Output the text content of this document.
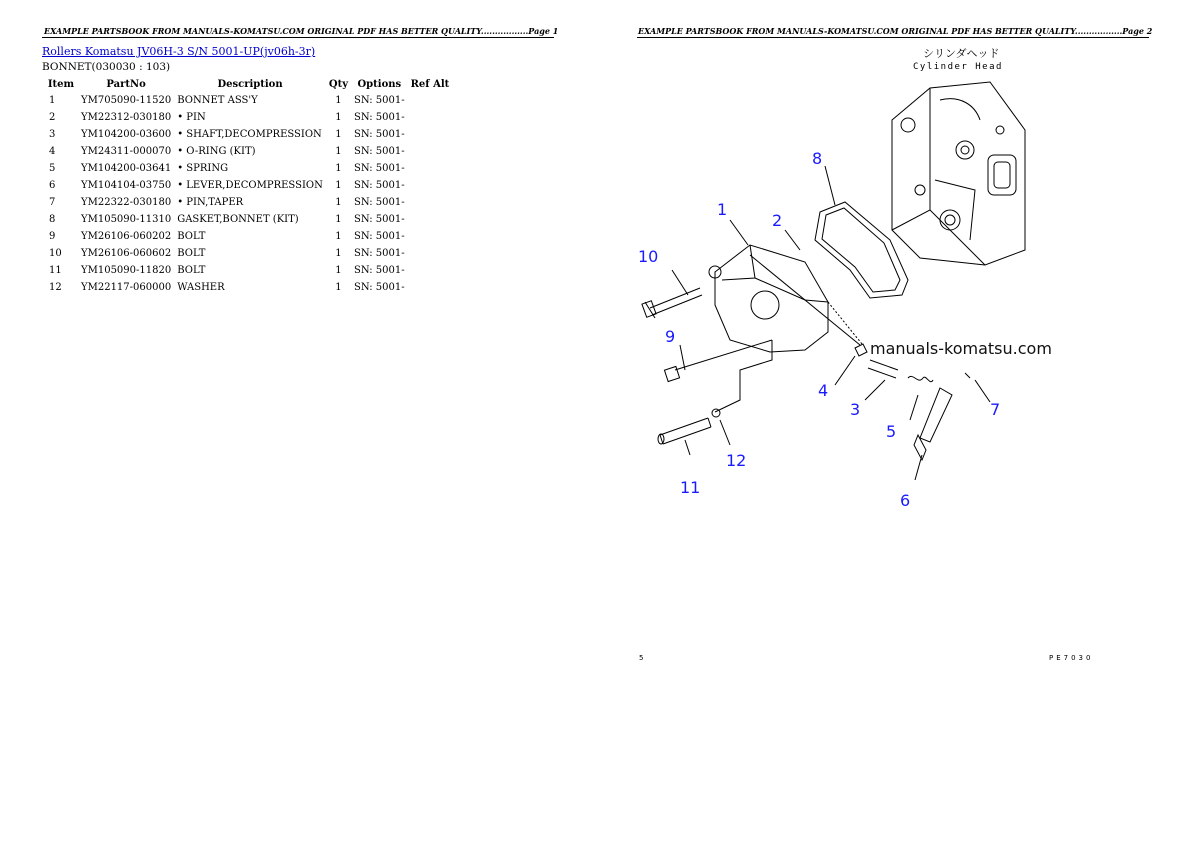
EXAMPLE PARTSBOOK FROM MANUALS-KOMATSU.COM ORIGINAL PDF HAS BETTER QUALITY.................Page 1
Rollers Komatsu JV06H-3 S/N 5001-UP(jv06h-3r)
BONNET(030030 : 103)
Item	PartNo	Description	Qty	Options	Ref Alt
1	YM705090-11520	BONNET ASS'Y	1	SN: 5001-	
2	YM22312-030180	• PIN	1	SN: 5001-	
3	YM104200-03600	• SHAFT,DECOMPRESSION	1	SN: 5001-	
4	YM24311-000070	• O-RING (KIT)	1	SN: 5001-	
5	YM104200-03641	• SPRING	1	SN: 5001-	
6	YM104104-03750	• LEVER,DECOMPRESSION	1	SN: 5001-	
7	YM22322-030180	• PIN,TAPER	1	SN: 5001-	
8	YM105090-11310	GASKET,BONNET (KIT)	1	SN: 5001-	
9	YM26106-060202	BOLT	1	SN: 5001-	
10	YM26106-060602	BOLT	1	SN: 5001-	
11	YM105090-11820	BOLT	1	SN: 5001-	
12	YM22117-060000	WASHER	1	SN: 5001-	
EXAMPLE PARTSBOOK FROM MANUALS-KOMATSU.COM ORIGINAL PDF HAS BETTER QUALITY.................Page 2
シリンダヘッド
Cylinder Head
manuals-komatsu.com
1
2
3
4
5
6
7
8
9
10
11
12
5	PE7030
